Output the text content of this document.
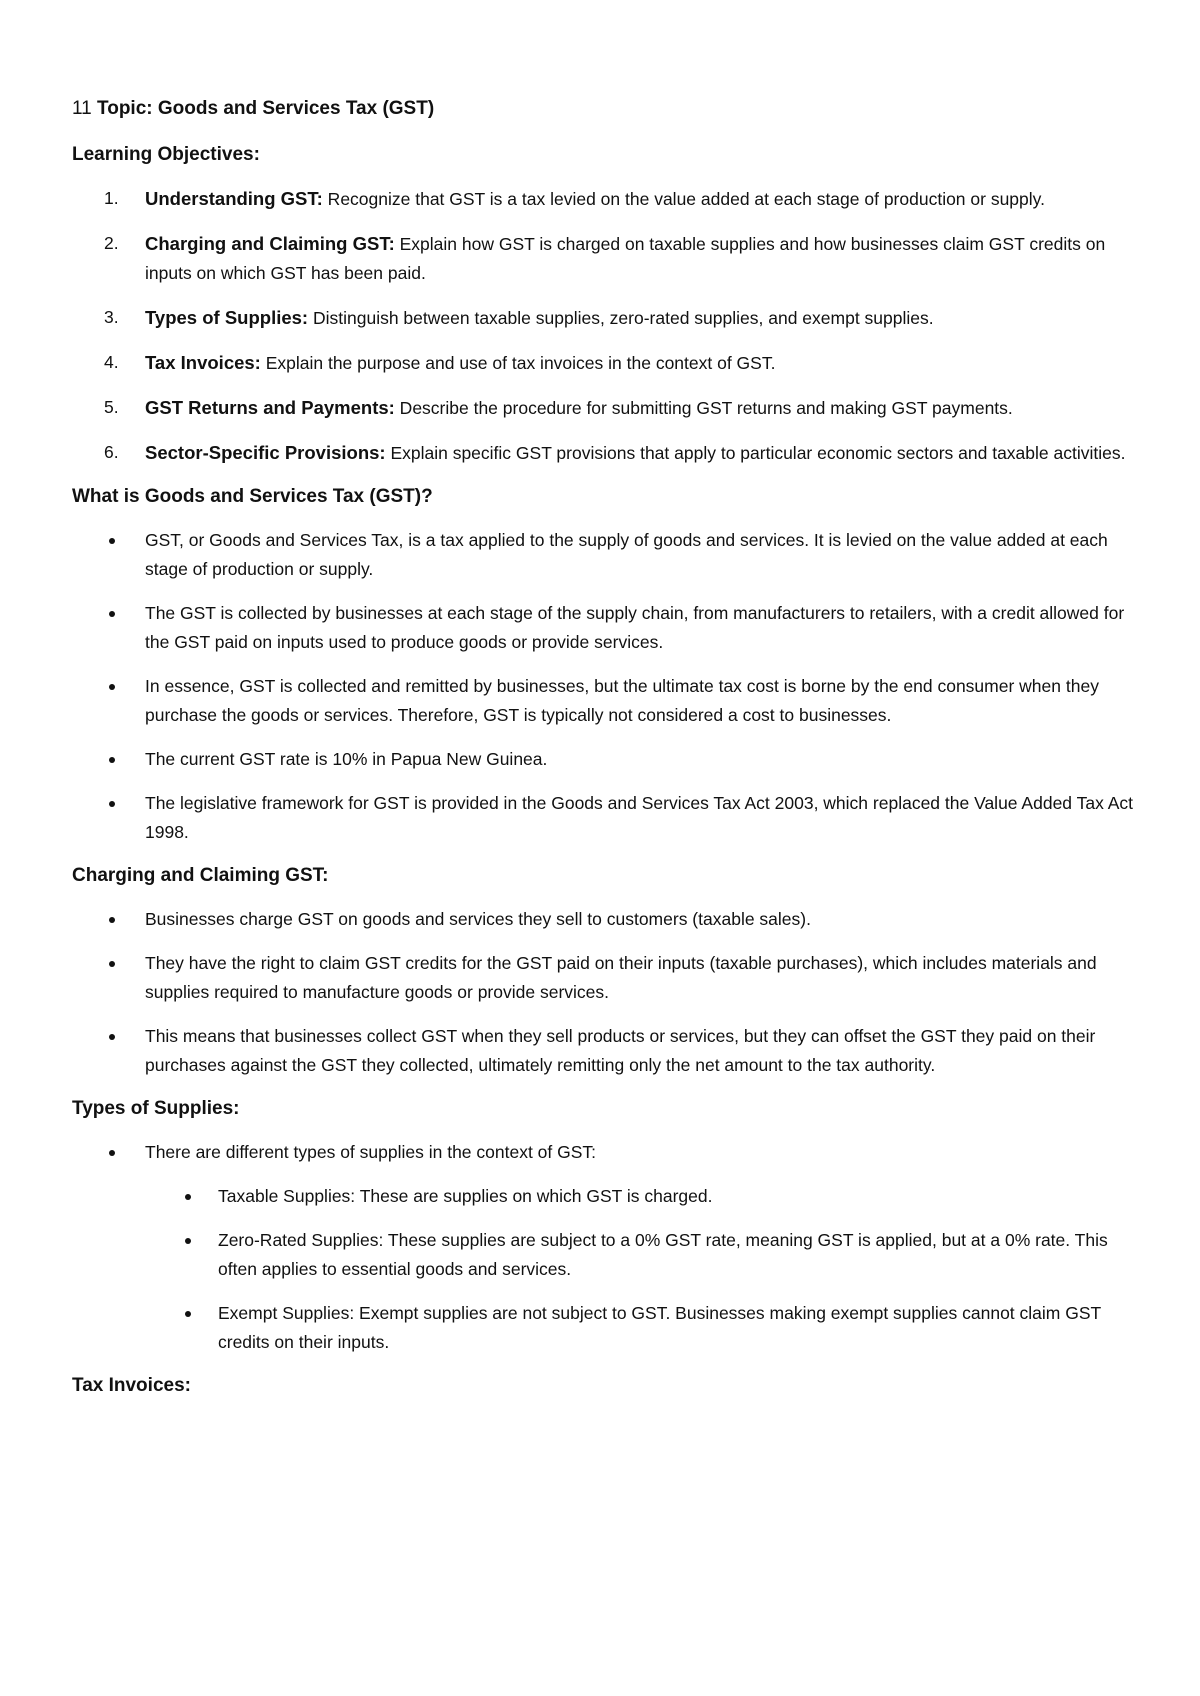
11 Topic: Goods and Services Tax (GST)
Learning Objectives:
1.	Understanding GST: Recognize that GST is a tax levied on the value added at each stage of production or supply.
2.	Charging and Claiming GST: Explain how GST is charged on taxable supplies and how businesses claim GST credits on inputs on which GST has been paid.
3.	Types of Supplies: Distinguish between taxable supplies, zero-rated supplies, and exempt supplies.
4.	Tax Invoices: Explain the purpose and use of tax invoices in the context of GST.
5.	GST Returns and Payments: Describe the procedure for submitting GST returns and making GST payments.
6.	Sector-Specific Provisions: Explain specific GST provisions that apply to particular economic sectors and taxable activities.
What is Goods and Services Tax (GST)?
GST, or Goods and Services Tax, is a tax applied to the supply of goods and services. It is levied on the value added at each stage of production or supply.
The GST is collected by businesses at each stage of the supply chain, from manufacturers to retailers, with a credit allowed for the GST paid on inputs used to produce goods or provide services.
In essence, GST is collected and remitted by businesses, but the ultimate tax cost is borne by the end consumer when they purchase the goods or services. Therefore, GST is typically not considered a cost to businesses.
The current GST rate is 10% in Papua New Guinea.
The legislative framework for GST is provided in the Goods and Services Tax Act 2003, which replaced the Value Added Tax Act 1998.
Charging and Claiming GST:
Businesses charge GST on goods and services they sell to customers (taxable sales).
They have the right to claim GST credits for the GST paid on their inputs (taxable purchases), which includes materials and supplies required to manufacture goods or provide services.
This means that businesses collect GST when they sell products or services, but they can offset the GST they paid on their purchases against the GST they collected, ultimately remitting only the net amount to the tax authority.
Types of Supplies:
There are different types of supplies in the context of GST:
Taxable Supplies: These are supplies on which GST is charged.
Zero-Rated Supplies: These supplies are subject to a 0% GST rate, meaning GST is applied, but at a 0% rate. This often applies to essential goods and services.
Exempt Supplies: Exempt supplies are not subject to GST. Businesses making exempt supplies cannot claim GST credits on their inputs.
Tax Invoices:
